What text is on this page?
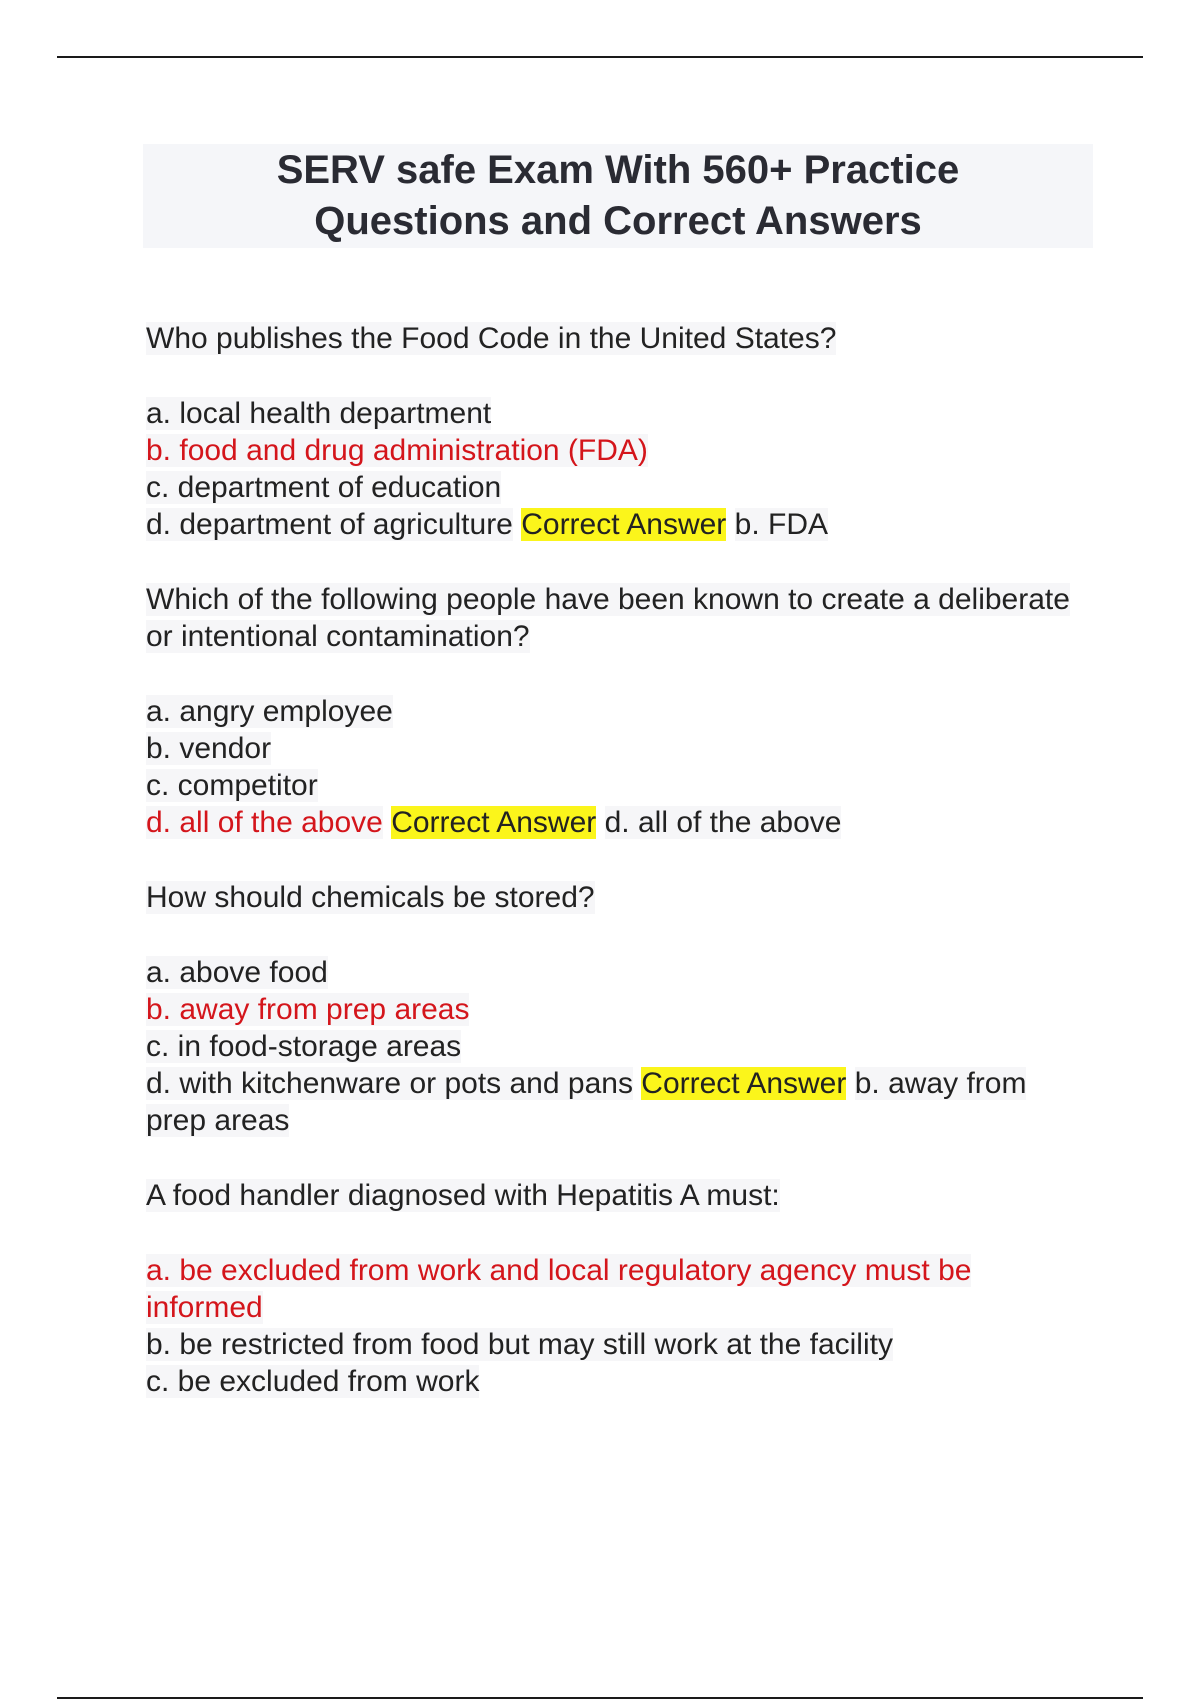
SERV safe Exam With 560+ Practice
Questions and Correct Answers
Who publishes the Food Code in the United States?
a. local health department
b. food and drug administration (FDA)
c. department of education
d. department of agriculture Correct Answer b. FDA
Which of the following people have been known to create a deliberate or intentional contamination?
a. angry employee
b. vendor
c. competitor
d. all of the above Correct Answer d. all of the above
How should chemicals be stored?
a. above food
b. away from prep areas
c. in food-storage areas
d. with kitchenware or pots and pans Correct Answer b. away from prep areas
A food handler diagnosed with Hepatitis A must:
a. be excluded from work and local regulatory agency must be informed
b. be restricted from food but may still work at the facility
c. be excluded from work
